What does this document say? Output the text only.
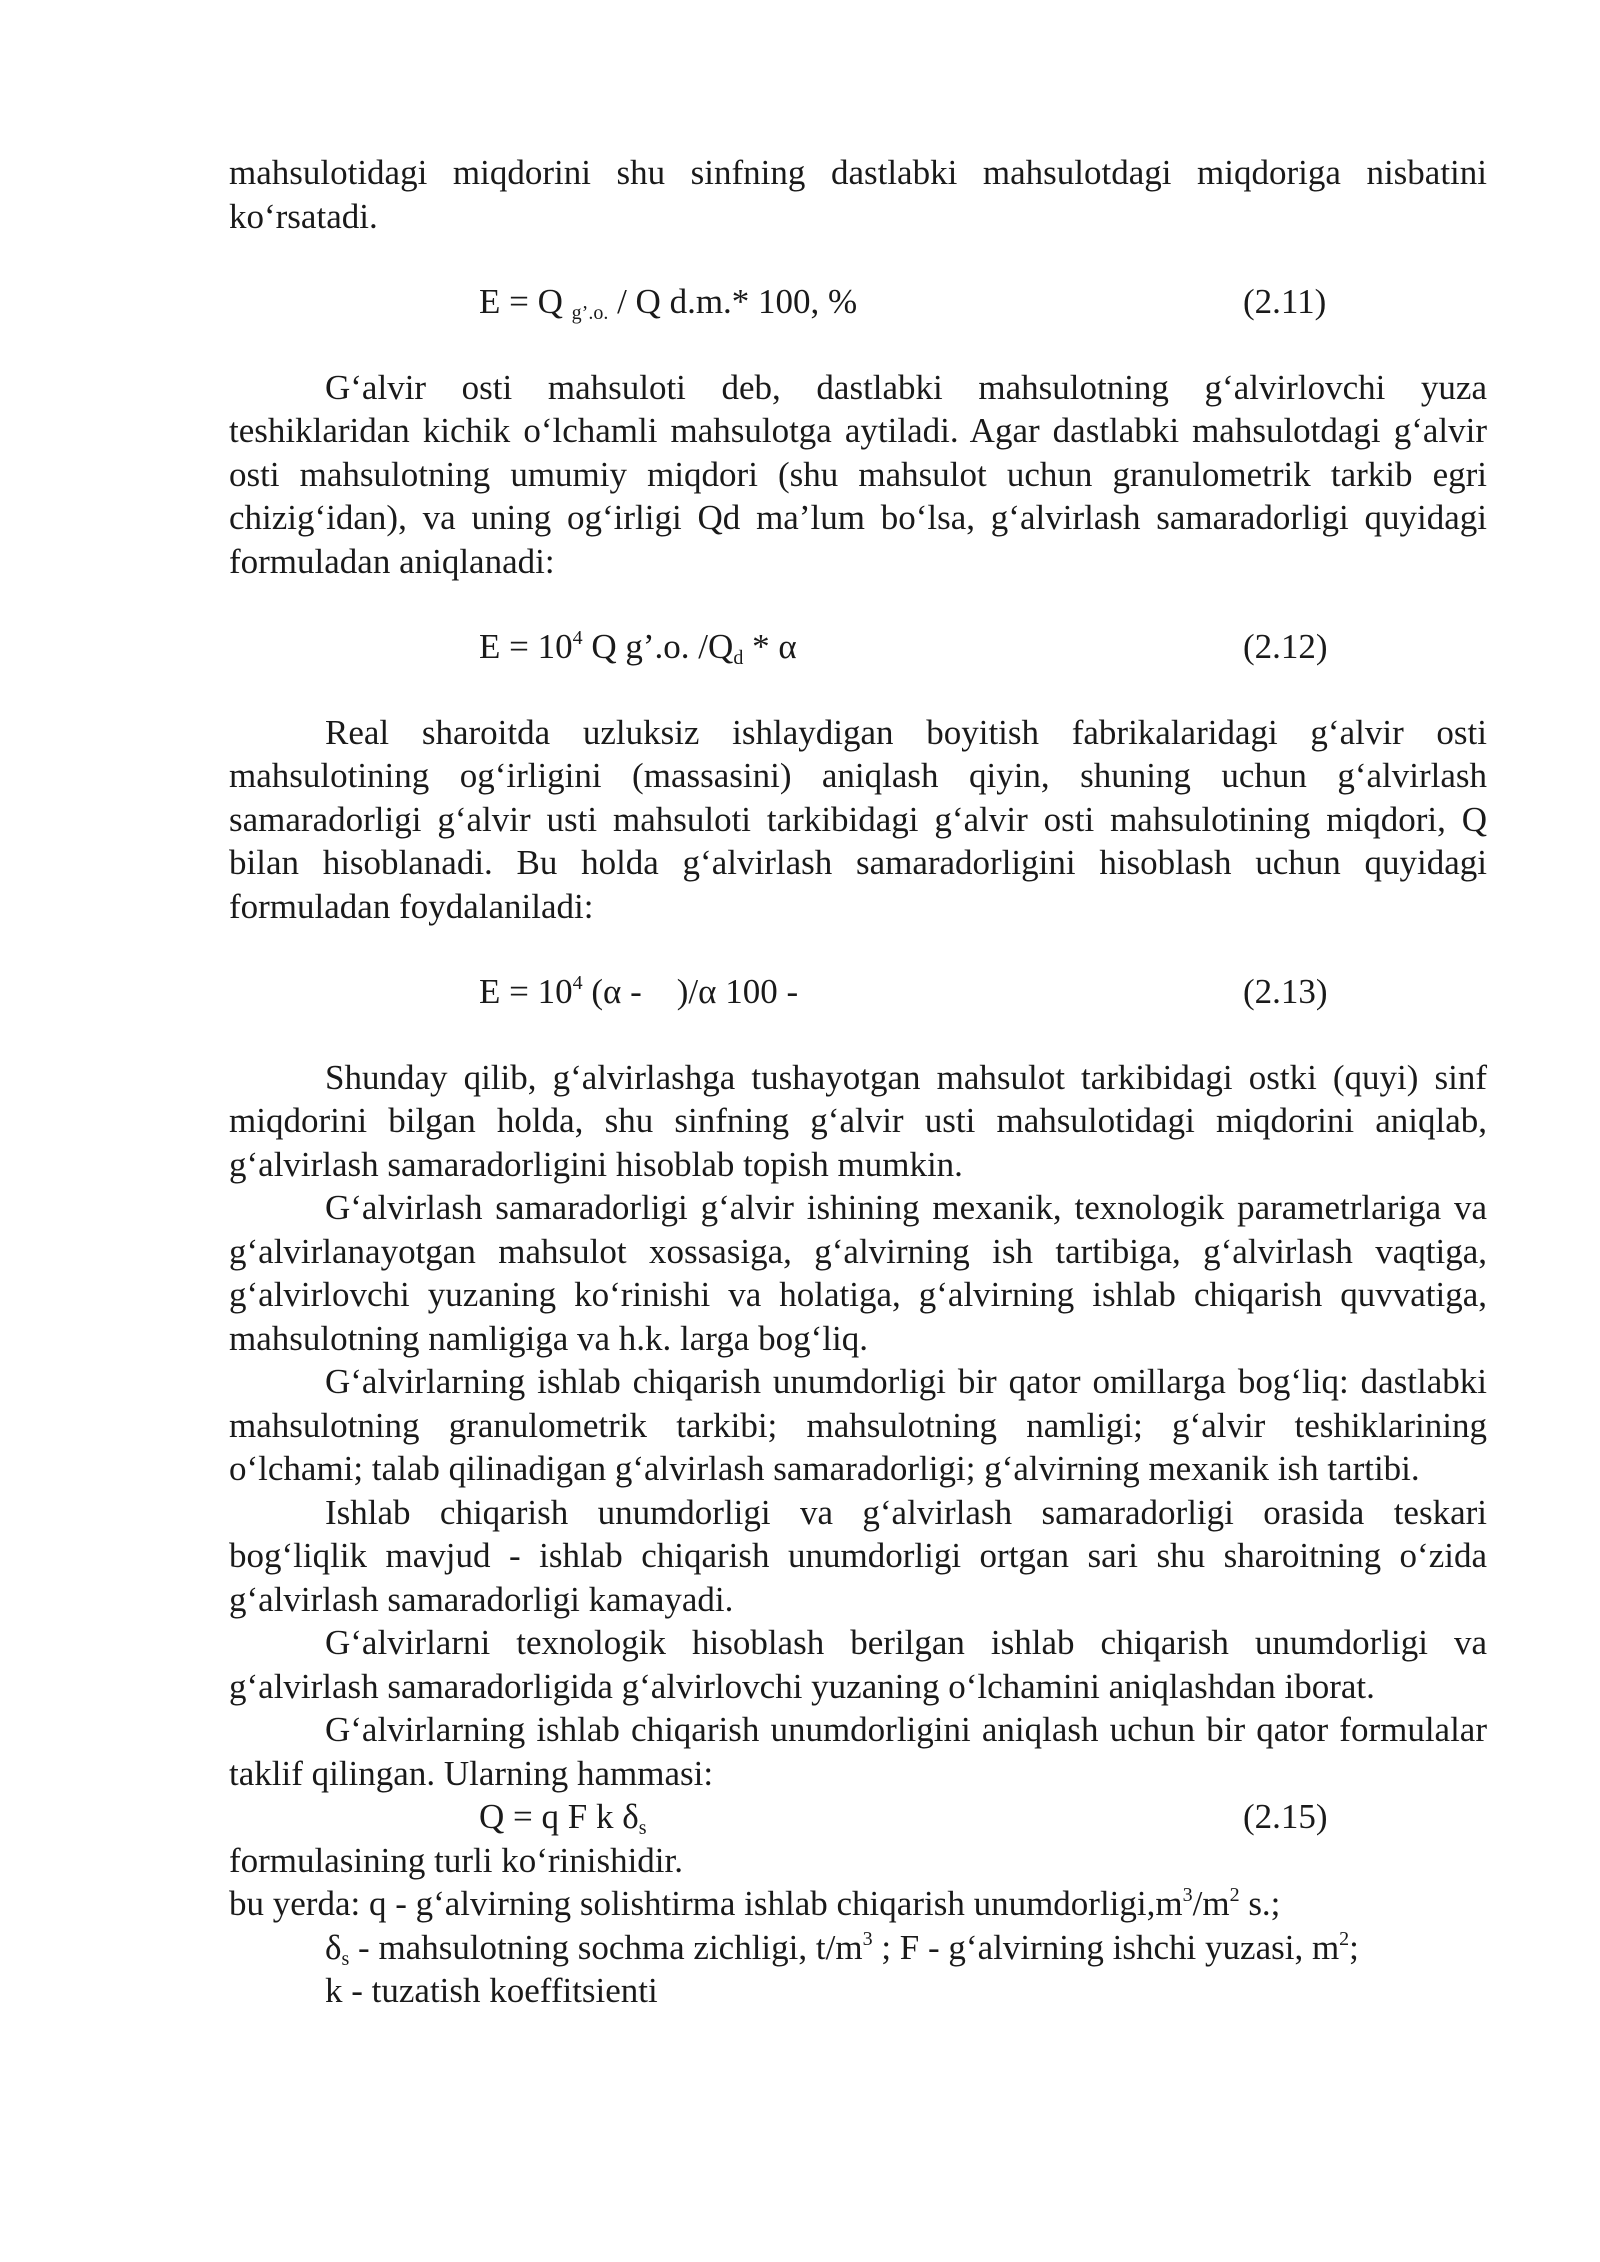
mahsulotidagi miqdorini shu sinfning dastlabki mahsulotdagi miqdoriga nisbatini ko‘rsatadi.

E = Q $_{g’.o.}$ / Q d.m.* 100, %	(2.11)

G‘alvir osti mahsuloti deb, dastlabki mahsulotning g‘alvirlovchi yuza teshiklaridan kichik o‘lchamli mahsulotga aytiladi. Agar dastlabki mahsulotdagi g‘alvir osti mahsulotning umumiy miqdori (shu mahsulot uchun granulometrik tarkib egri chizig‘idan), va uning og‘irligi Qd ma’lum bo‘lsa, g‘alvirlash samaradorligi quyidagi formuladan aniqlanadi:

$E = 10^4$ Q g’.o. $/Q_d$ * α	(2.12)

Real sharoitda uzluksiz ishlaydigan boyitish fabrikalaridagi g‘alvir osti mahsulotining og‘irligini (massasini) aniqlash qiyin, shuning uchun g‘alvirlash samaradorligi g‘alvir usti mahsuloti tarkibidagi g‘alvir osti mahsulotining miqdori, Q bilan hisoblanadi. Bu holda g‘alvirlash samaradorligini hisoblash uchun quyidagi formuladan foydalaniladi:

$E = 10^4$ (α -    )/α 100 -	(2.13)

Shunday qilib, g‘alvirlashga tushayotgan mahsulot tarkibidagi ostki (quyi) sinf miqdorini bilgan holda, shu sinfning g‘alvir usti mahsulotidagi miqdorini aniqlab, g‘alvirlash samaradorligini hisoblab topish mumkin.

G‘alvirlash samaradorligi g‘alvir ishining mexanik, texnologik parametrlariga va g‘alvirlanayotgan mahsulot xossasiga, g‘alvirning ish tartibiga, g‘alvirlash vaqtiga, g‘alvirlovchi yuzaning ko‘rinishi va holatiga, g‘alvirning ishlab chiqarish quvvatiga, mahsulotning namligiga va h.k. larga bog‘liq.

G‘alvirlarning ishlab chiqarish unumdorligi bir qator omillarga bog‘liq: dastlabki mahsulotning granulometrik tarkibi; mahsulotning namligi; g‘alvir teshiklarining o‘lchami; talab qilinadigan g‘alvirlash samaradorligi; g‘alvirning mexanik ish tartibi.

Ishlab chiqarish unumdorligi va g‘alvirlash samaradorligi orasida teskari bog‘liqlik mavjud - ishlab chiqarish unumdorligi ortgan sari shu sharoitning o‘zida g‘alvirlash samaradorligi kamayadi.

G‘alvirlarni texnologik hisoblash berilgan ishlab chiqarish unumdorligi va g‘alvirlash samaradorligida g‘alvirlovchi yuzaning o‘lchamini aniqlashdan iborat.

G‘alvirlarning ishlab chiqarish unumdorligini aniqlash uchun bir qator formulalar taklif qilingan. Ularning hammasi:

Q = q F k $\delta_s$	(2.15)

formulasining turli ko‘rinishidir.

bu yerda: q - g‘alvirning solishtirma ishlab chiqarish $unumdorligi,m^3/m^2$ s.;
$\delta_s$ - mahsulotning sochma zichligi, $t/m^3$ ; F - g‘alvirning ishchi yuzasi, $m^2$;
k - tuzatish koeffitsienti
